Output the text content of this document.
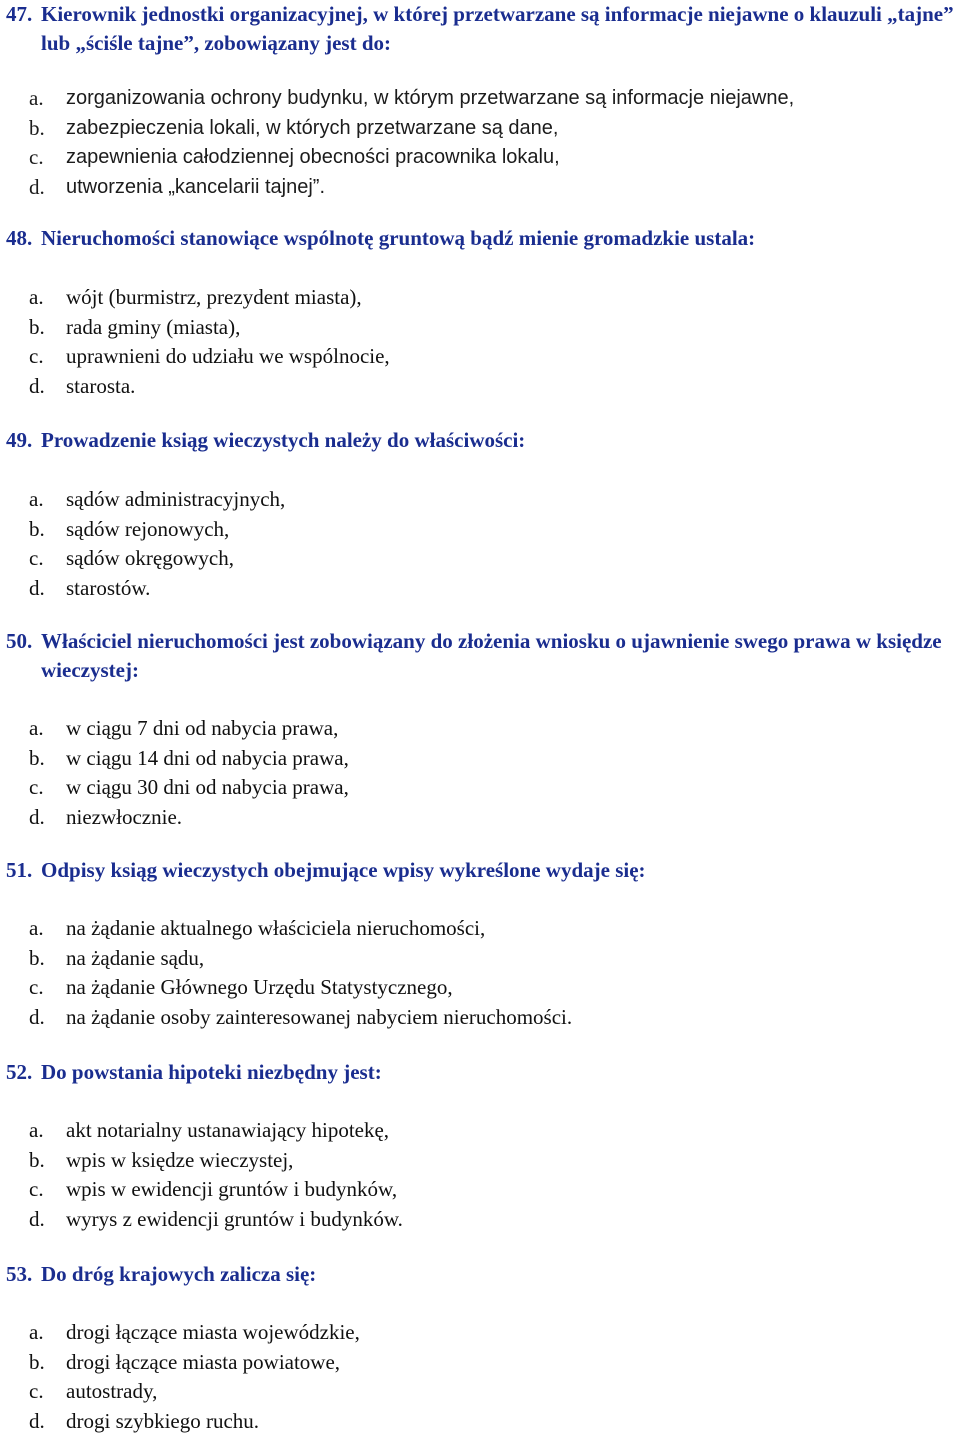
47. Kierownik jednostki organizacyjnej, w której przetwarzane są informacje niejawne o klauzuli „tajne” lub „ściśle tajne”, zobowiązany jest do:
a.	zorganizowania ochrony budynku, w którym przetwarzane są informacje niejawne,
b.	zabezpieczenia lokali, w których przetwarzane są dane,
c.	zapewnienia całodziennej obecności pracownika lokalu,
d.	utworzenia „kancelarii tajnej”.
48. Nieruchomości stanowiące wspólnotę gruntową bądź mienie gromadzkie ustala:
a.	wójt (burmistrz, prezydent miasta),
b.	rada gminy (miasta),
c.	uprawnieni do udziału we wspólnocie,
d.	starosta.
49. Prowadzenie ksiąg wieczystych należy do właściwości:
a.	sądów administracyjnych,
b.	sądów rejonowych,
c.	sądów okręgowych,
d.	starostów.
50. Właściciel nieruchomości jest zobowiązany do złożenia wniosku o ujawnienie swego prawa w księdze wieczystej:
a.	w ciągu 7 dni od nabycia prawa,
b.	w ciągu 14 dni od nabycia prawa,
c.	w ciągu 30 dni od nabycia prawa,
d.	niezwłocznie.
51. Odpisy ksiąg wieczystych obejmujące wpisy wykreślone wydaje się:
a.	na żądanie aktualnego właściciela nieruchomości,
b.	na żądanie sądu,
c.	na żądanie Głównego Urzędu Statystycznego,
d.	na żądanie osoby zainteresowanej nabyciem nieruchomości.
52. Do powstania hipoteki niezbędny jest:
a.	akt notarialny ustanawiający hipotekę,
b.	wpis w księdze wieczystej,
c.	wpis w ewidencji gruntów i budynków,
d.	wyrys z ewidencji gruntów i budynków.
53. Do dróg krajowych zalicza się:
a.	drogi łączące miasta wojewódzkie,
b.	drogi łączące miasta powiatowe,
c.	autostrady,
d.	drogi szybkiego ruchu.
